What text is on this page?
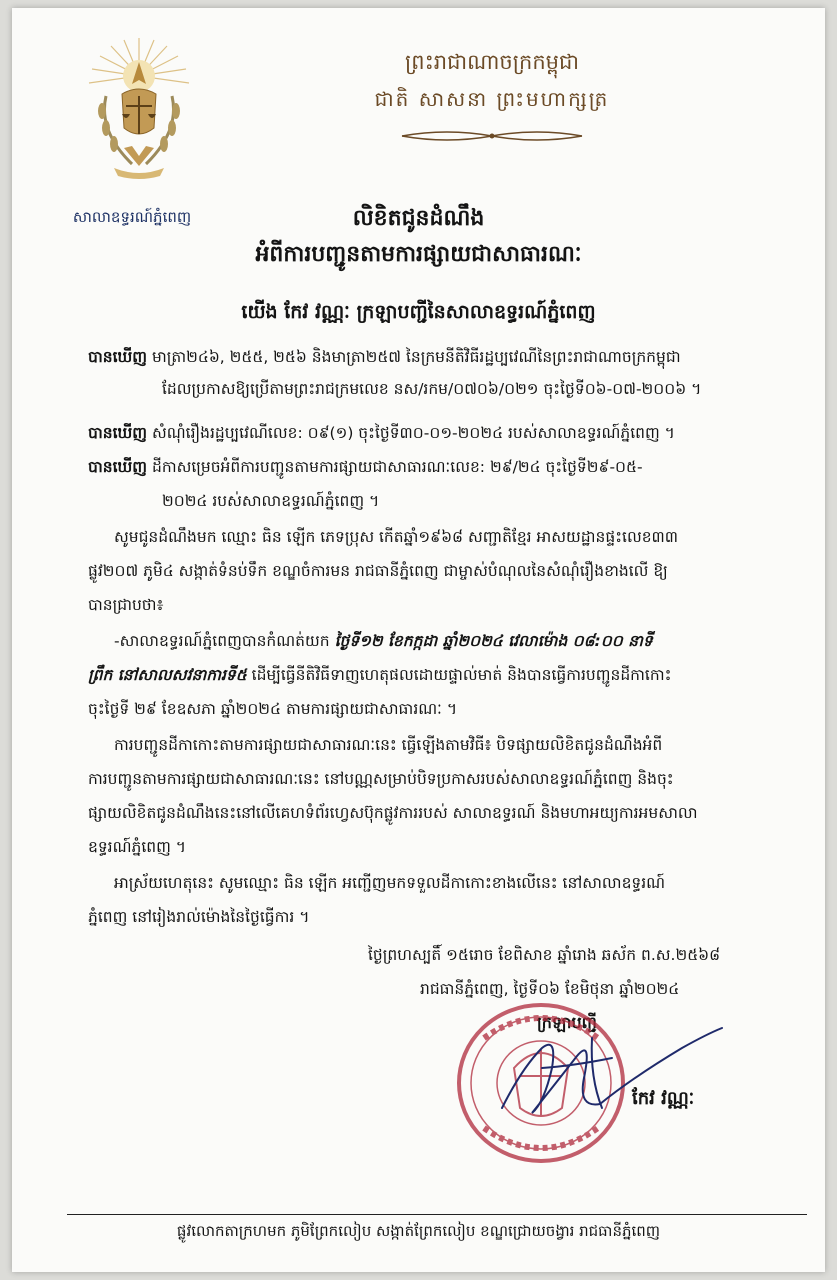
សាលាឧទ្ធរណ៍ភ្នំពេញ
ព្រះរាជាណាចក្រកម្ពុជា
ជាតិ សាសនា ព្រះមហាក្សត្រ
លិខិតជូនដំណឹង
អំពីការបញ្ជូនតាមការផ្សាយជាសាធារណៈ
យើង កែវ វណ្ណៈ ក្រឡាបញ្ជីនៃសាលាឧទ្ធរណ៍ភ្នំពេញ
បានឃើញ មាត្រា២៤៦, ២៥៥, ២៥៦ និងមាត្រា២៥៧ នៃក្រមនីតិវិធីរដ្ឋប្បវេណីនៃព្រះរាជាណាចក្រកម្ពុជា
ដែលប្រកាសឱ្យប្រើតាមព្រះរាជក្រមលេខ នស/រកម/០៧០៦/០២១ ចុះថ្ងៃទី០៦-០៧-២០០៦ ។
បានឃើញ សំណុំរឿងរដ្ឋប្បវេណីលេខ: ០៩(១) ចុះថ្ងៃទី៣០-០១-២០២៤ របស់សាលាឧទ្ធរណ៍ភ្នំពេញ ។
បានឃើញ ដីកាសម្រេចអំពីការបញ្ជូនតាមការផ្សាយជាសាធារណៈលេខ: ២៩/២៤ ចុះថ្ងៃទី២៩-០៥-
២០២៤ របស់សាលាឧទ្ធរណ៍ភ្នំពេញ ។
សូមជូនដំណឹងមក ឈ្មោះ ធិន ឡើក ភេទប្រុស កើតឆ្នាំ១៩៦៨ សញ្ជាតិខ្មែរ អាសយដ្ឋានផ្ទះលេខ៣៣
ផ្លូវ២០៧ ភូមិ៤ សង្កាត់ទំនប់ទឹក ខណ្ឌចំការមន រាជធានីភ្នំពេញ ជាម្ចាស់បំណុលនៃសំណុំរឿងខាងលើ ឱ្យ
បានជ្រាបថា៖
-សាលាឧទ្ធរណ៍ភ្នំពេញបានកំណត់យក ថ្ងៃទី១២ ខែកក្កដា ឆ្នាំ២០២៤ វេលាម៉ោង ០៨:០០ នាទី
ព្រឹក នៅសាលសវនាការទី៥ ដើម្បីធ្វើនីតិវិធីទាញហេតុផលដោយផ្ទាល់មាត់ និងបានធ្វើការបញ្ជូនដីកាកោះ
ចុះថ្ងៃទី ២៩ ខែឧសភា ឆ្នាំ២០២៤ តាមការផ្សាយជាសាធារណៈ ។
ការបញ្ជូនដីកាកោះតាមការផ្សាយជាសាធារណៈនេះ ធ្វើឡើងតាមវិធី៖ បិទផ្សាយលិខិតជូនដំណឹងអំពី
ការបញ្ជូនតាមការផ្សាយជាសាធារណៈនេះ នៅបណ្ណសម្រាប់បិទប្រកាសរបស់សាលាឧទ្ធរណ៍ភ្នំពេញ និងចុះ
ផ្សាយលិខិតជូនដំណឹងនេះនៅលើគេហទំព័រហ្វេសប៊ុកផ្លូវការរបស់ សាលាឧទ្ធរណ៍ និងមហាអយ្យការអមសាលា
ឧទ្ធរណ៍ភ្នំពេញ ។
អាស្រ័យហេតុនេះ សូមឈ្មោះ ធិន ឡើក អញ្ជើញមកទទួលដីកាកោះខាងលើនេះ នៅសាលាឧទ្ធរណ៍
ភ្នំពេញ នៅរៀងរាល់ម៉ោងនៃថ្ងៃធ្វើការ ។
ថ្ងៃព្រហស្បតិ៍ ១៥រោច ខែពិសាខ ឆ្នាំរោង ឆស័ក ព.ស.២៥៦៨
រាជធានីភ្នំពេញ, ថ្ងៃទី០៦ ខែមិថុនា ឆ្នាំ២០២៤
ក្រឡាបញ្ជី
កែវ វណ្ណៈ
ផ្លូវលោកតាក្រហមក ភូមិព្រែកលៀប សង្កាត់ព្រែកលៀប ខណ្ឌជ្រោយចង្វារ រាជធានីភ្នំពេញ
